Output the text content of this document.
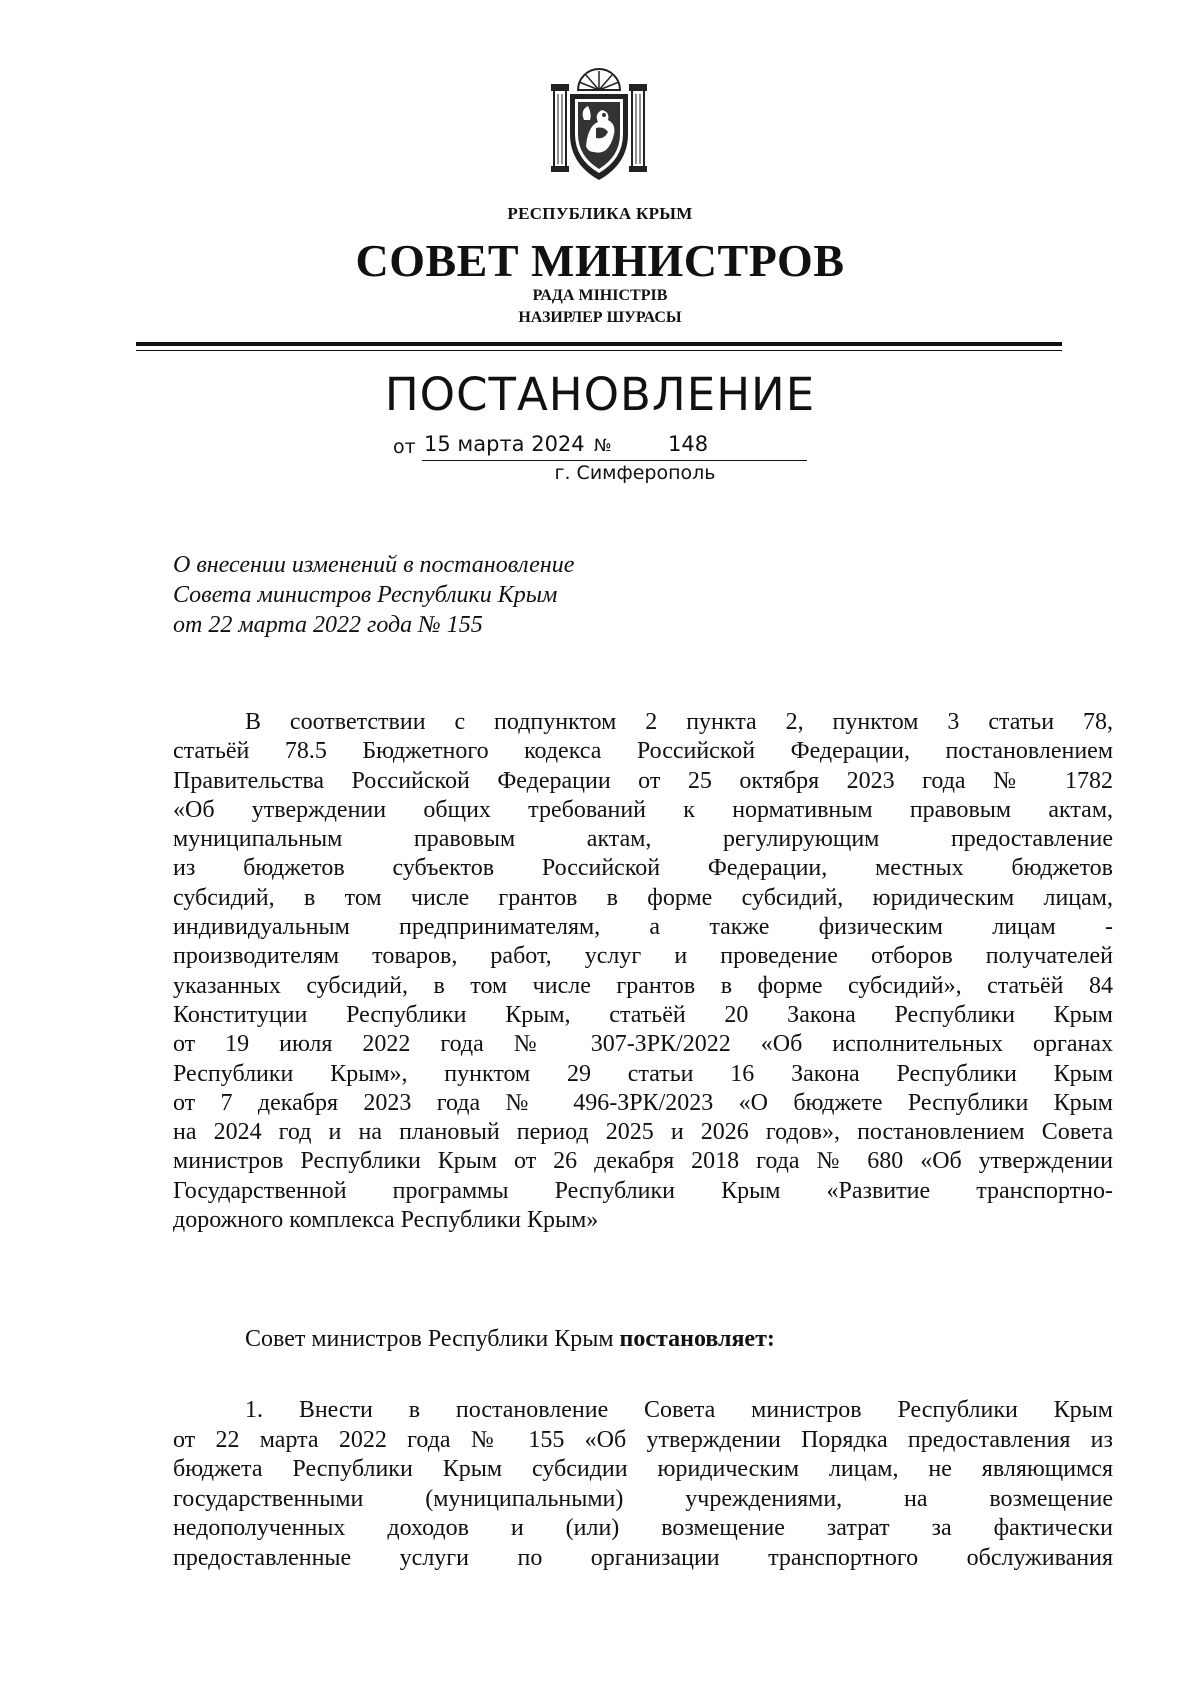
РЕСПУБЛИКА КРЫМ
СОВЕТ МИНИСТРОВ
РАДА МІНІСТРІВ
НАЗИРЛЕР ШУРАСЫ
ПОСТАНОВЛЕНИЕ
от 15 марта 2024 №	148
г. Симферополь
О внесении изменений в постановление
Совета министров Республики Крым
от 22 марта 2022 года № 155
В соответствии с подпунктом 2 пункта 2, пунктом 3 статьи 78,
статьёй 78.5 Бюджетного кодекса Российской Федерации, постановлением
Правительства Российской Федерации от 25 октября 2023 года № 1782
«Об утверждении общих требований к нормативным правовым актам,
муниципальным правовым актам, регулирующим предоставление
из бюджетов субъектов Российской Федерации, местных бюджетов
субсидий, в том числе грантов в форме субсидий, юридическим лицам,
индивидуальным предпринимателям, а также физическим лицам -
производителям товаров, работ, услуг и проведение отборов получателей
указанных субсидий, в том числе грантов в форме субсидий», статьёй 84
Конституции Республики Крым, статьёй 20 Закона Республики Крым
от 19 июля 2022 года № 307-ЗРК/2022 «Об исполнительных органах
Республики Крым», пунктом 29 статьи 16 Закона Республики Крым
от 7 декабря 2023 года № 496-ЗРК/2023 «О бюджете Республики Крым
на 2024 год и на плановый период 2025 и 2026 годов», постановлением Совета
министров Республики Крым от 26 декабря 2018 года № 680 «Об утверждении
Государственной программы Республики Крым «Развитие транспортно-
дорожного комплекса Республики Крым»
Совет министров Республики Крым постановляет:
1. Внести в постановление Совета министров Республики Крым
от 22 марта 2022 года № 155 «Об утверждении Порядка предоставления из
бюджета Республики Крым субсидии юридическим лицам, не являющимся
государственными (муниципальными) учреждениями, на возмещение
недополученных доходов и (или) возмещение затрат за фактически
предоставленные услуги по организации транспортного обслуживания
